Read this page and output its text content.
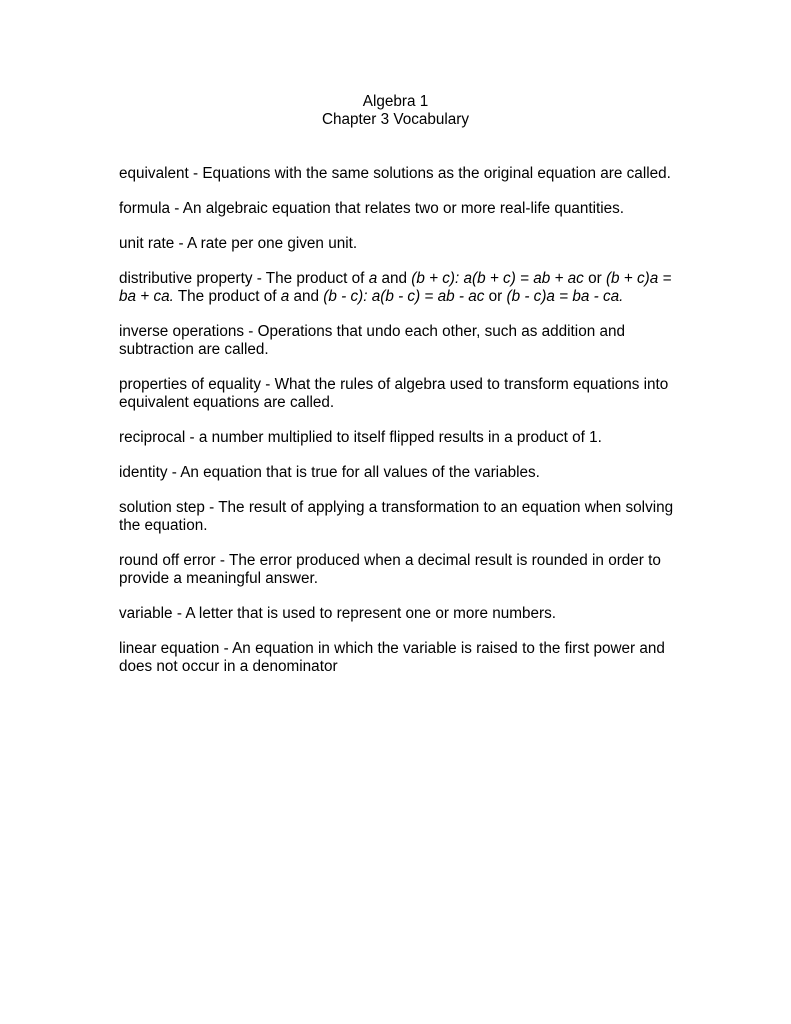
Algebra 1
Chapter 3 Vocabulary

equivalent - Equations with the same solutions as the original equation are called.

formula - An algebraic equation that relates two or more real-life quantities.

unit rate - A rate per one given unit.

distributive property - The product of a and (b + c): a(b + c) = ab + ac or (b + c)a = ba + ca. The product of a and (b - c): a(b - c) = ab - ac or (b - c)a = ba - ca.

inverse operations - Operations that undo each other, such as addition and subtraction are called.

properties of equality - What the rules of algebra used to transform equations into equivalent equations are called.

reciprocal - a number multiplied to itself flipped results in a product of 1.

identity - An equation that is true for all values of the variables.

solution step - The result of applying a transformation to an equation when solving the equation.

round off error - The error produced when a decimal result is rounded in order to provide a meaningful answer.

variable - A letter that is used to represent one or more numbers.

linear equation - An equation in which the variable is raised to the first power and does not occur in a denominator
